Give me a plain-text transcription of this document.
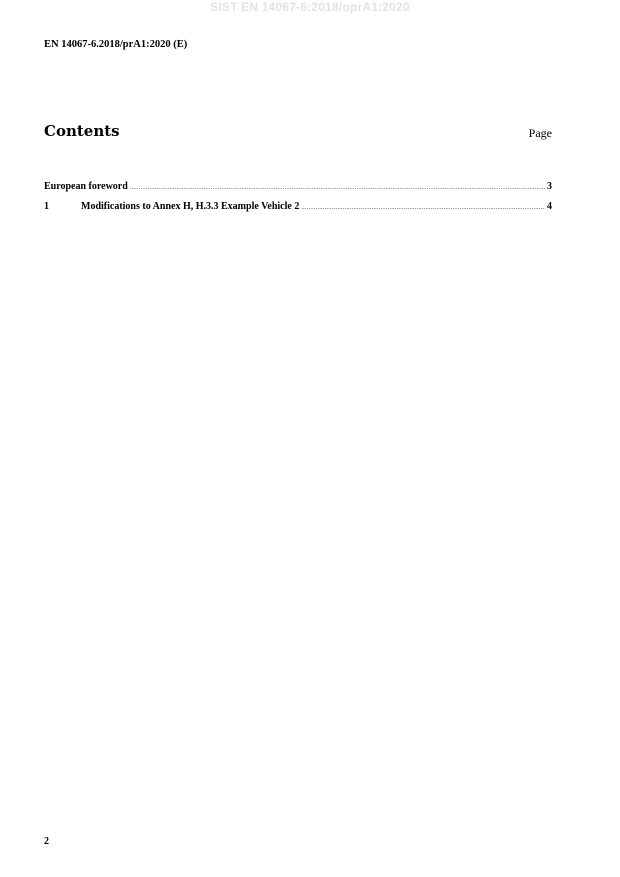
SIST EN 14067-6:2018/oprA1:2020
EN 14067-6.2018/prA1:2020 (E)
Contents	Page
European foreword .....	3
1	Modifications to Annex H, H.3.3 Example Vehicle 2 .....	4
2
